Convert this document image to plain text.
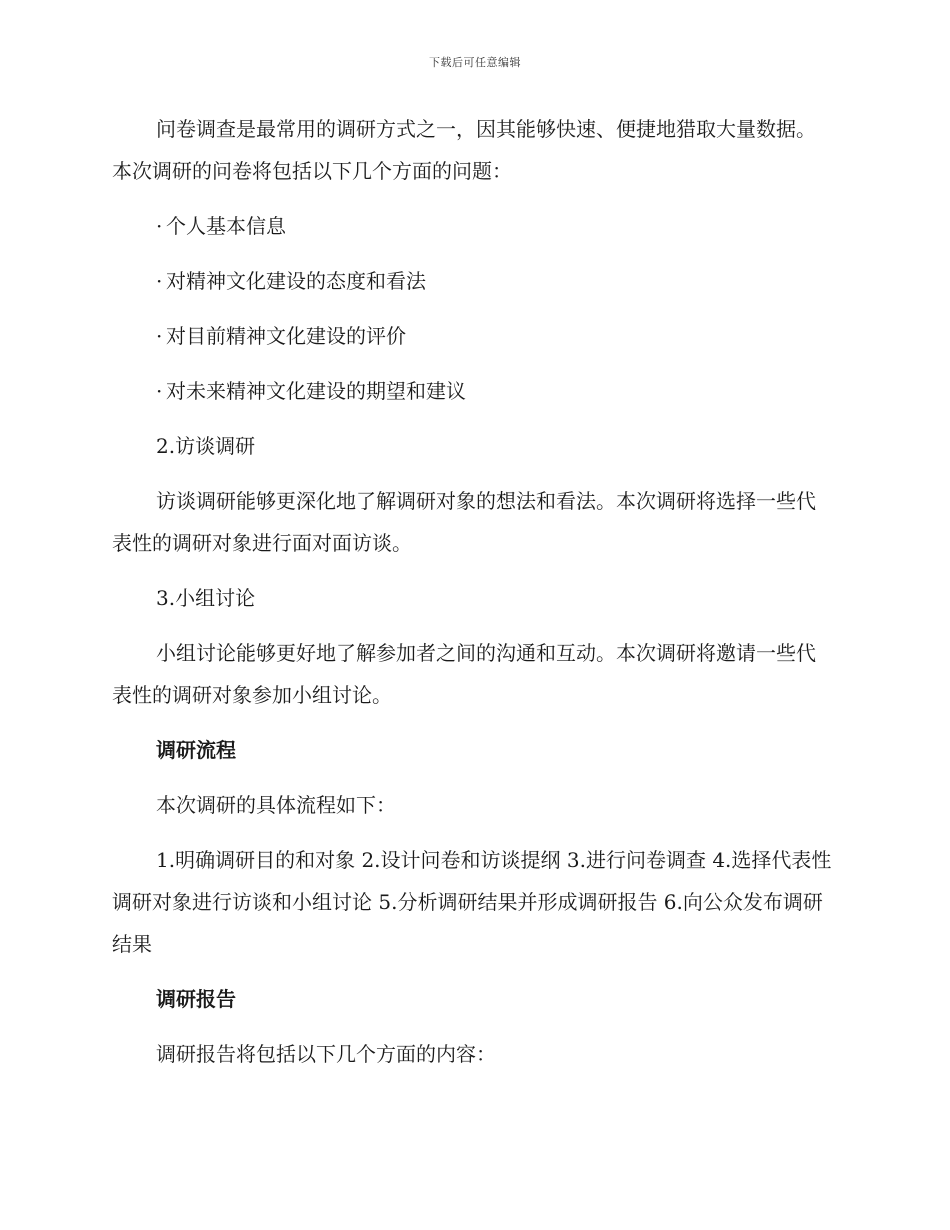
下载后可任意编辑

问卷调查是最常用的调研方式之一，因其能够快速、便捷地猎取大量数据。本次调研的问卷将包括以下几个方面的问题：

· 个人基本信息

· 对精神文化建设的态度和看法

· 对目前精神文化建设的评价

· 对未来精神文化建设的期望和建议

2.访谈调研

访谈调研能够更深化地了解调研对象的想法和看法。本次调研将选择一些代表性的调研对象进行面对面访谈。

3.小组讨论

小组讨论能够更好地了解参加者之间的沟通和互动。本次调研将邀请一些代表性的调研对象参加小组讨论。

调研流程

本次调研的具体流程如下：

1.明确调研目的和对象 2.设计问卷和访谈提纲 3.进行问卷调查 4.选择代表性调研对象进行访谈和小组讨论 5.分析调研结果并形成调研报告 6.向公众发布调研结果

调研报告

调研报告将包括以下几个方面的内容：
